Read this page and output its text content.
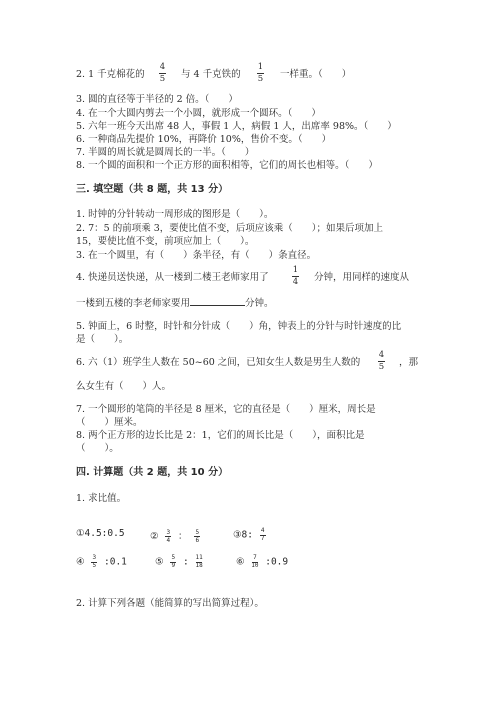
2. 1 千克棉花的
4
5 与 4 千克铁的
1
5 一样重。（　　）
3. 圆的直径等于半径的 2 倍。（　　）
4. 在一个大圆内剪去一个小圆，就形成一个圆环。（　　）
5. 六年一班今天出席 48 人，事假 1 人，病假 1 人，出席率 98%。（　　）
6. 一种商品先提价 10%，再降价 10%，售价不变。（　　）
7. 半圆的周长就是圆周长的一半。（　　）
8. 一个圆的面积和一个正方形的面积相等，它们的周长也相等。（　　）
三. 填空题（共 8 题，共 13 分）
1. 时钟的分针转动一周形成的图形是（　　）。
2. 7：5 的前项乘 3，要使比值不变，后项应该乘（　　）；如果后项加上
15，要使比值不变，前项应加上（　　）。
3. 在一个圆里，有（　　）条半径，有（　　）条直径。
4. 快递员送快递，从一楼到二楼王老师家用了
1
4 分钟，用同样的速度从
一楼到五楼的李老师家要用	分钟。
5. 钟面上，6 时整，时针和分针成（　　）角，钟表上的分针与时针速度的比
是（　　）。
6. 六（1）班学生人数在 50~60 之间，已知女生人数是男生人数的
4
5 ，那
么女生有（　　）人。
7. 一个圆形的笔筒的半径是 8 厘米，它的直径是（　　）厘米，周长是
（　　）厘米。
8. 两个正方形的边长比是 2：1，它们的周长比是（　　），面积比是
（　　）。
四. 计算题（共 2 题，共 10 分）
1. 求比值。
①4.5:0.5	② $\frac{3}{4}$ ： $\frac{5}{6}$	③8: $\frac{4}{7}$
④ $\frac{3}{5}$ :0.1	⑤ $\frac{5}{9}$ : $\frac{11}{18}$	⑥ $\frac{7}{10}$ :0.9
2. 计算下列各题（能简算的写出简算过程）。
